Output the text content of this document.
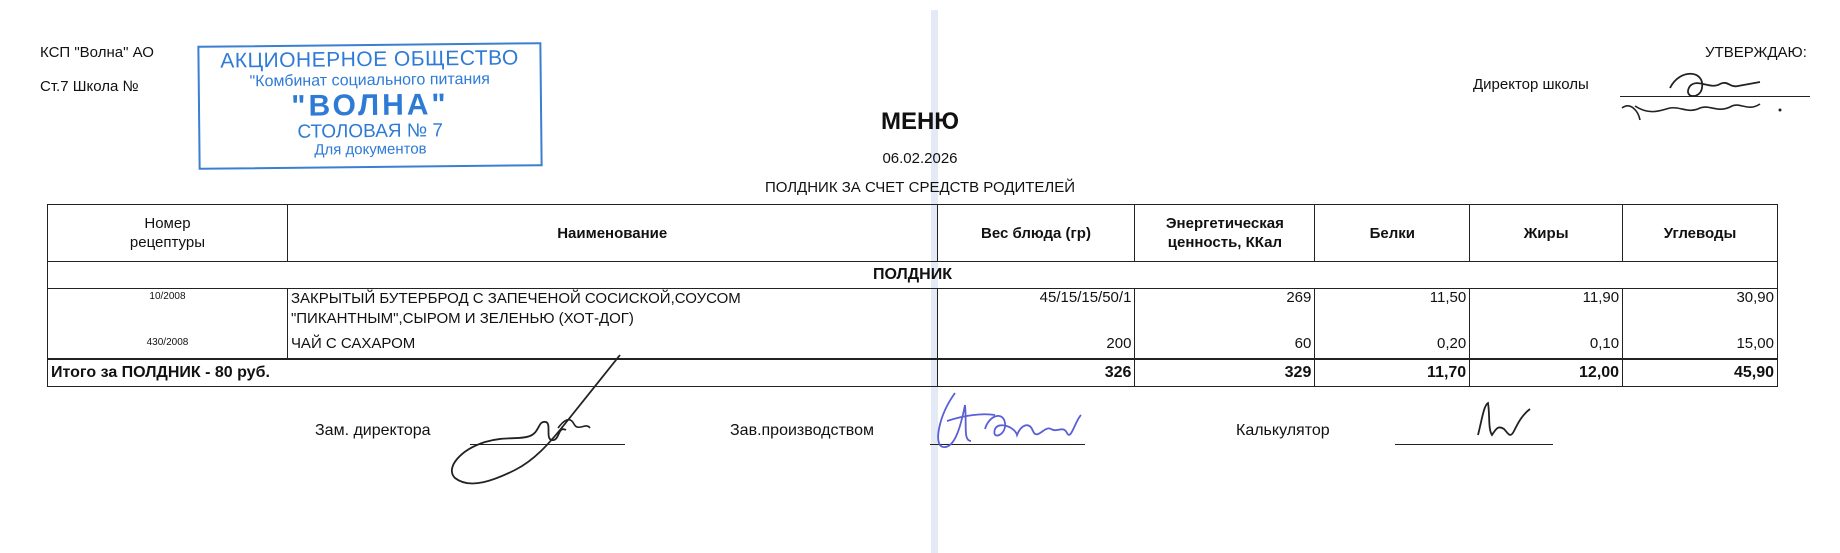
КСП "Волна" АО
Ст.7 Школа №
АКЦИОНЕРНОЕ ОБЩЕСТВО
"Комбинат социального питания
"ВОЛНА"
СТОЛОВАЯ № 7
Для документов
УТВЕРЖДАЮ:
Директор школы
МЕНЮ
06.02.2026
ПОЛДНИК ЗА СЧЕТ СРЕДСТВ РОДИТЕЛЕЙ
Номер рецептуры	Наименование	Вес блюда (гр)	Энергетическая ценность, ККал	Белки	Жиры	Углеводы
ПОЛДНИК						
10/2008	ЗАКРЫТЫЙ БУТЕРБРОД С ЗАПЕЧЕНОЙ СОСИСКОЙ,СОУСОМ "ПИКАНТНЫМ",СЫРОМ И ЗЕЛЕНЬЮ (ХОТ-ДОГ)	45/15/15/50/1	269	11,50	11,90	30,90
430/2008	ЧАЙ С САХАРОМ	200	60	0,20	0,10	15,00
Итого за ПОЛДНИК - 80 руб.		326	329	11,70	12,00	45,90
Зам. директора	Зав.производством	Калькулятор
